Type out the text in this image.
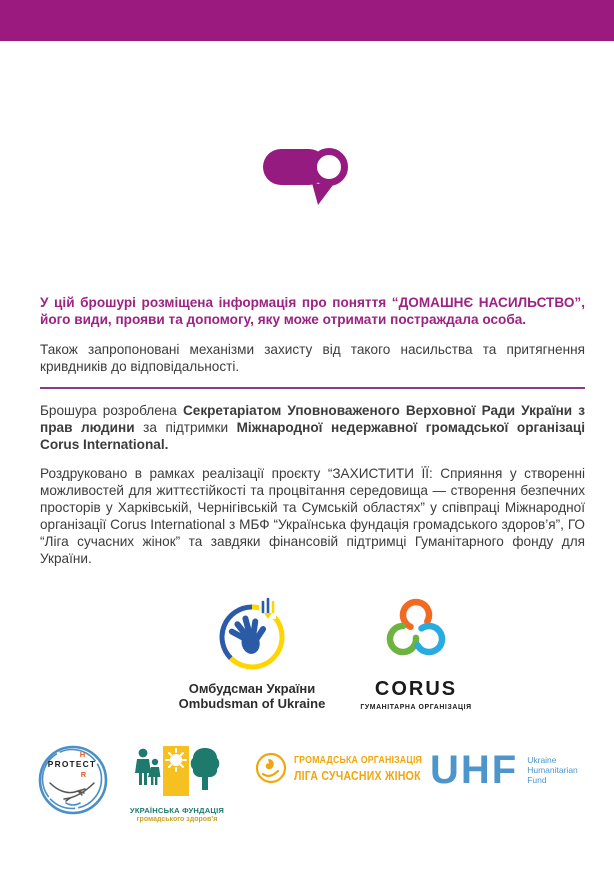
У цій брошурі розміщена інформація про поняття “ДОМАШНЄ НАСИЛЬСТВО”, його види, прояви та допомогу, яку може отримати постраждала особа.

Також запропоновані механізми захисту від такого насильства та притягнення кривдників до відповідальності.

Брошура розроблена Секретаріатом Уповноваженого Верховної Ради України з прав людини за підтримки Міжнародної недержавної громадської організаці Corus International.

Роздруковано в рамках реалізації проєкту “ЗАХИСТИТИ ЇЇ: Сприяння у створенні можливостей для життєстійкості та процвітання середовища — створення безпечних просторів у Харківській, Чернігівській та Сумській областях” у співпраці Міжнародної організації Corus International з МБФ “Українська фундація громадського здоров’я”, ГО “Ліга сучасних жінок” та завдяки фінансовій підтримці Гуманітарного фонду для України.

Омбудсман України
Ombudsman of Ukraine
CORUS
ГУМАНІТАРНА ОРГАНІЗАЦІЯ
PROTECT
H
R
УКРАЇНСЬКА ФУНДАЦІЯ
громадського здоров’я
ГРОМАДСЬКА ОРГАНІЗАЦІЯ
ЛІГА СУЧАСНИХ ЖІНОК UHF Ukraine
Humanitarian
Fund
